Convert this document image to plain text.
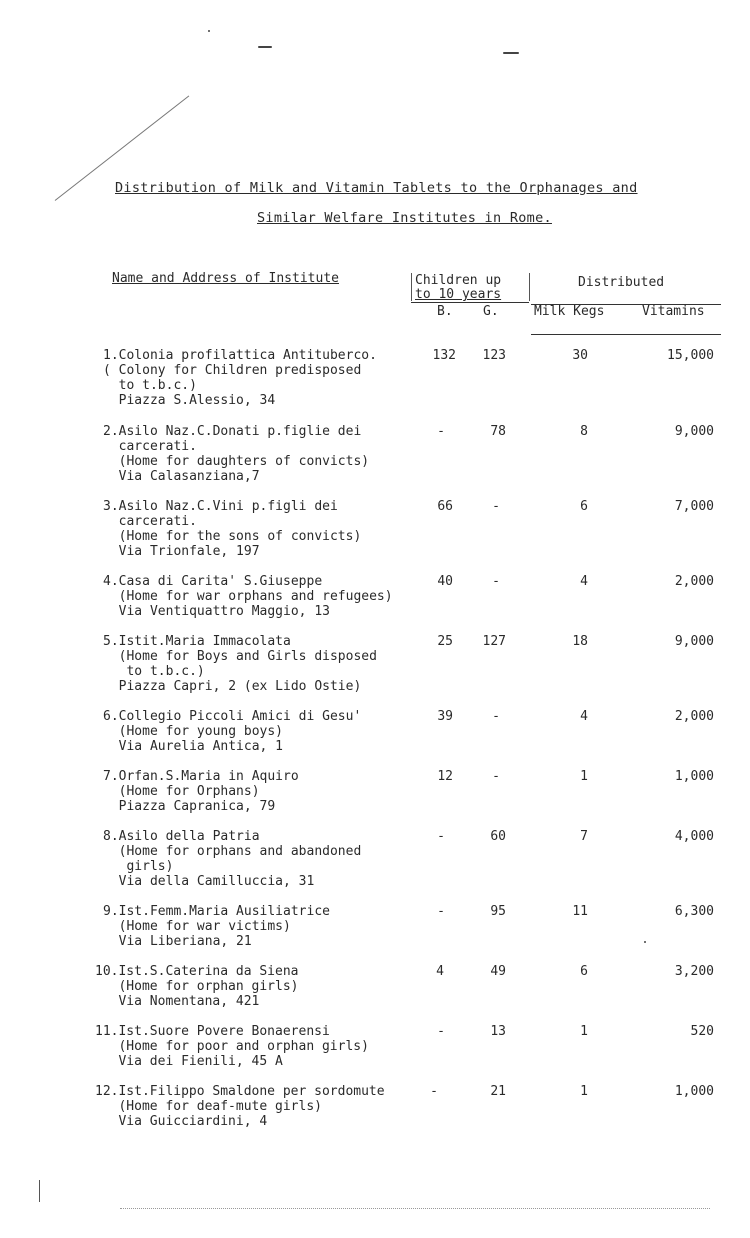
Distribution of Milk and Vitamin Tablets to the Orphanages and
Similar Welfare Institutes in Rome.
Name and Address of Institute	Children up
to 10 years
Distributed
B. G.	Milk Kegs	Vitamins
1.Colonia profilattica Antituberco.
( Colony for Children predisposed
to t.b.c.)
Piazza S.Alessio, 34
132	123	30	15,000
2.Asilo Naz.C.Donati p.figlie dei
carcerati.
(Home for daughters of convicts)
Via Calasanziana,7
-	78	8	9,000
3.Asilo Naz.C.Vini p.figli dei
carcerati.
(Home for the sons of convicts)
Via Trionfale, 197
66	-	6	7,000
4.Casa di Carita' S.Giuseppe
(Home for war orphans and refugees)
Via Ventiquattro Maggio, 13
40	-	4	2,000
5.Istit.Maria Immacolata
(Home for Boys and Girls disposed
to t.b.c.)
Piazza Capri, 2 (ex Lido Ostie)
25	127	18	9,000
6.Collegio Piccoli Amici di Gesu'
(Home for young boys)
Via Aurelia Antica, 1
39	-	4	2,000
7.Orfan.S.Maria in Aquiro
(Home for Orphans)
Piazza Capranica, 79
12	-	1	1,000
8.Asilo della Patria
(Home for orphans and abandoned
girls)
Via della Camilluccia, 31
-	60	7	4,000
9.Ist.Femm.Maria Ausiliatrice
(Home for war victims)
Via Liberiana, 21
-	95	11	6,300
10.Ist.S.Caterina da Siena
(Home for orphan girls)
Via Nomentana, 421
4	49	6	3,200
11.Ist.Suore Povere Bonaerensi
(Home for poor and orphan girls)
Via dei Fienili, 45 A
-	13	1	520
12.Ist.Filippo Smaldone per sordomute
(Home for deaf-mute girls)
Via Guicciardini, 4
-	21	1	1,000
